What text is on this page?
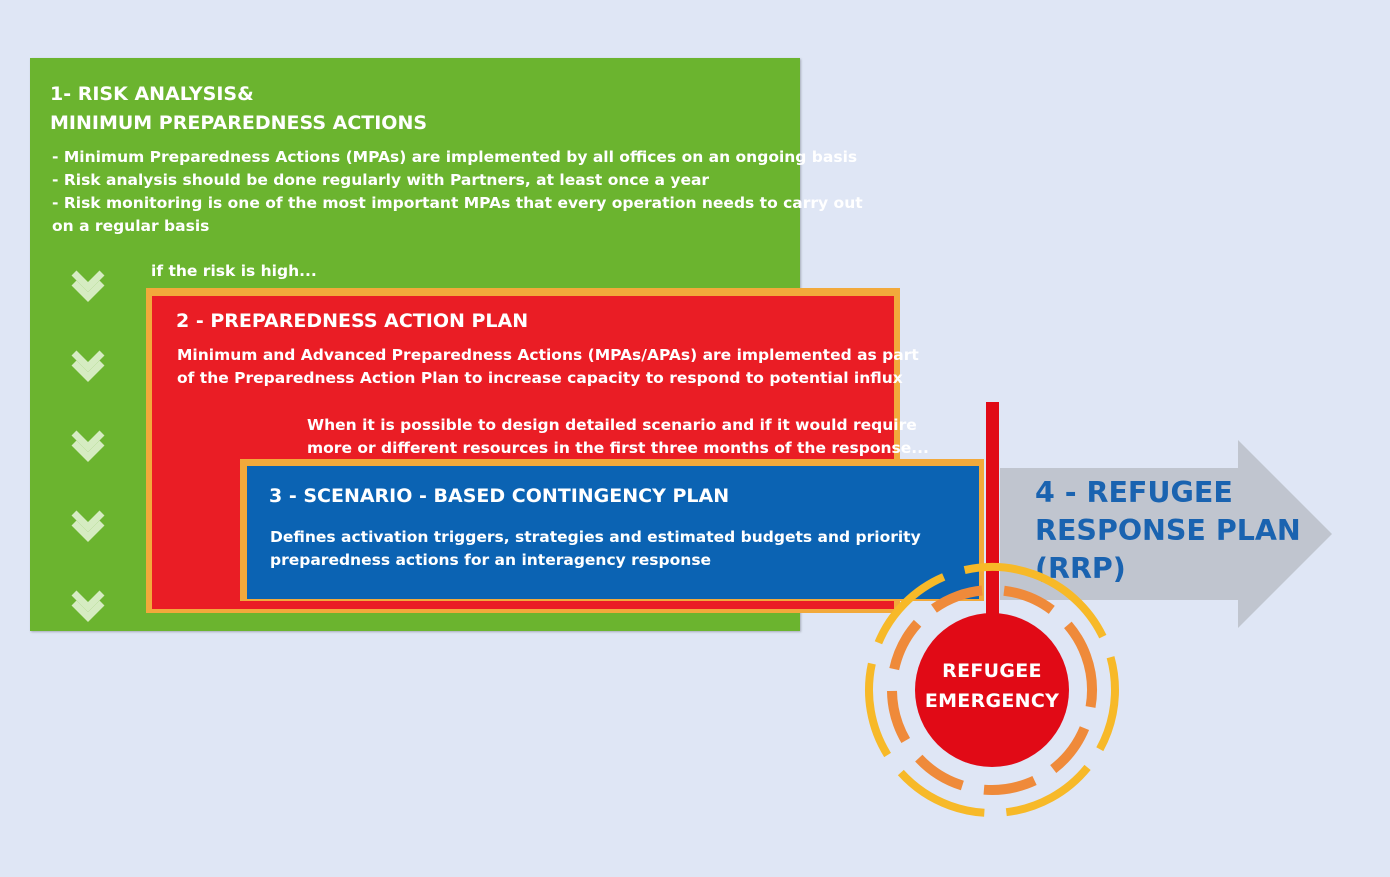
1- RISK ANALYSIS&
MINIMUM PREPAREDNESS ACTIONS
- Minimum Preparedness Actions (MPAs) are implemented by all offices on an ongoing basis
- Risk analysis should be done regularly with Partners, at least once a year
- Risk monitoring is one of the most important MPAs that every operation needs to carry out
on a regular basis
if the risk is high...
2 - PREPAREDNESS ACTION PLAN
Minimum and Advanced Preparedness Actions (MPAs/APAs) are implemented as part
of the Preparedness Action Plan to increase capacity to respond to potential influx
When it is possible to design detailed scenario and if it would require
more or different resources in the first three months of the response...
3 - SCENARIO - BASED CONTINGENCY PLAN
Defines activation triggers, strategies and estimated budgets and priority
preparedness actions for an interagency response
4 - REFUGEE
RESPONSE PLAN
(RRP)
REFUGEE
EMERGENCY
